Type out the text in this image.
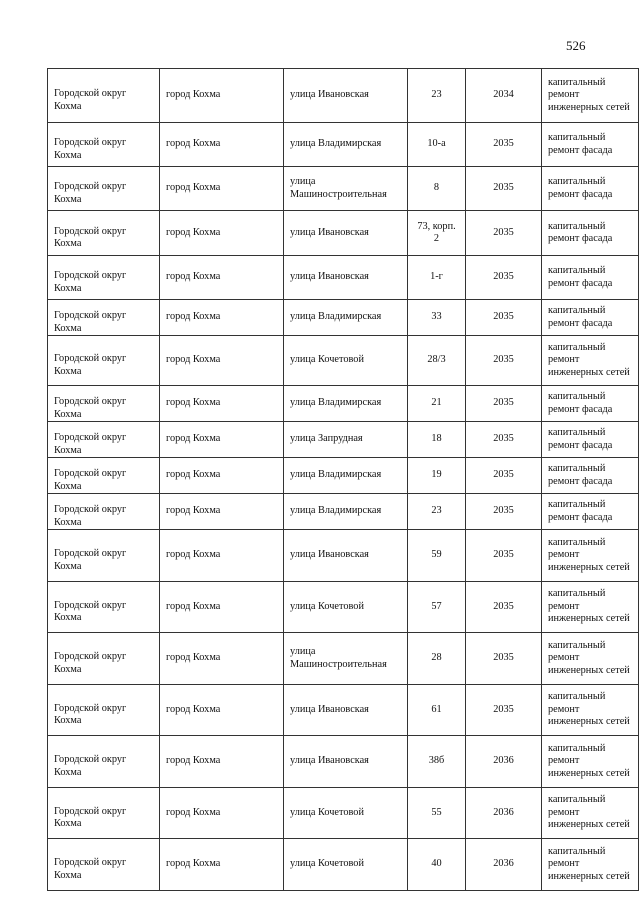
526
Городской округ Кохма	город Кохма	улица Ивановская	23	2034	капитальный ремонт инженерных сетей

Городской округ Кохма	город Кохма	улица Владимирская	10-а	2035	капитальный ремонт фасада

Городской округ Кохма	город Кохма	улица Машиностроительная	8	2035	капитальный ремонт фасада

Городской округ Кохма	город Кохма	улица Ивановская	73, корп. 2	2035	капитальный ремонт фасада

Городской округ Кохма	город Кохма	улица Ивановская	1-г	2035	капитальный ремонт фасада

Городской округ Кохма	город Кохма	улица Владимирская	33	2035	капитальный ремонт фасада

Городской округ Кохма	город Кохма	улица Кочетовой	28/3	2035	капитальный ремонт инженерных сетей

Городской округ Кохма	город Кохма	улица Владимирская	21	2035	капитальный ремонт фасада

Городской округ Кохма	город Кохма	улица Запрудная	18	2035	капитальный ремонт фасада

Городской округ Кохма	город Кохма	улица Владимирская	19	2035	капитальный ремонт фасада

Городской округ Кохма	город Кохма	улица Владимирская	23	2035	капитальный ремонт фасада

Городской округ Кохма	город Кохма	улица Ивановская	59	2035	капитальный ремонт инженерных сетей

Городской округ Кохма	город Кохма	улица Кочетовой	57	2035	капитальный ремонт инженерных сетей

Городской округ Кохма	город Кохма	улица Машиностроительная	28	2035	капитальный ремонт инженерных сетей

Городской округ Кохма	город Кохма	улица Ивановская	61	2035	капитальный ремонт инженерных сетей

Городской округ Кохма	город Кохма	улица Ивановская	38б	2036	капитальный ремонт инженерных сетей

Городской округ Кохма	город Кохма	улица Кочетовой	55	2036	капитальный ремонт инженерных сетей

Городской округ Кохма	город Кохма	улица Кочетовой	40	2036	капитальный ремонт инженерных сетей
